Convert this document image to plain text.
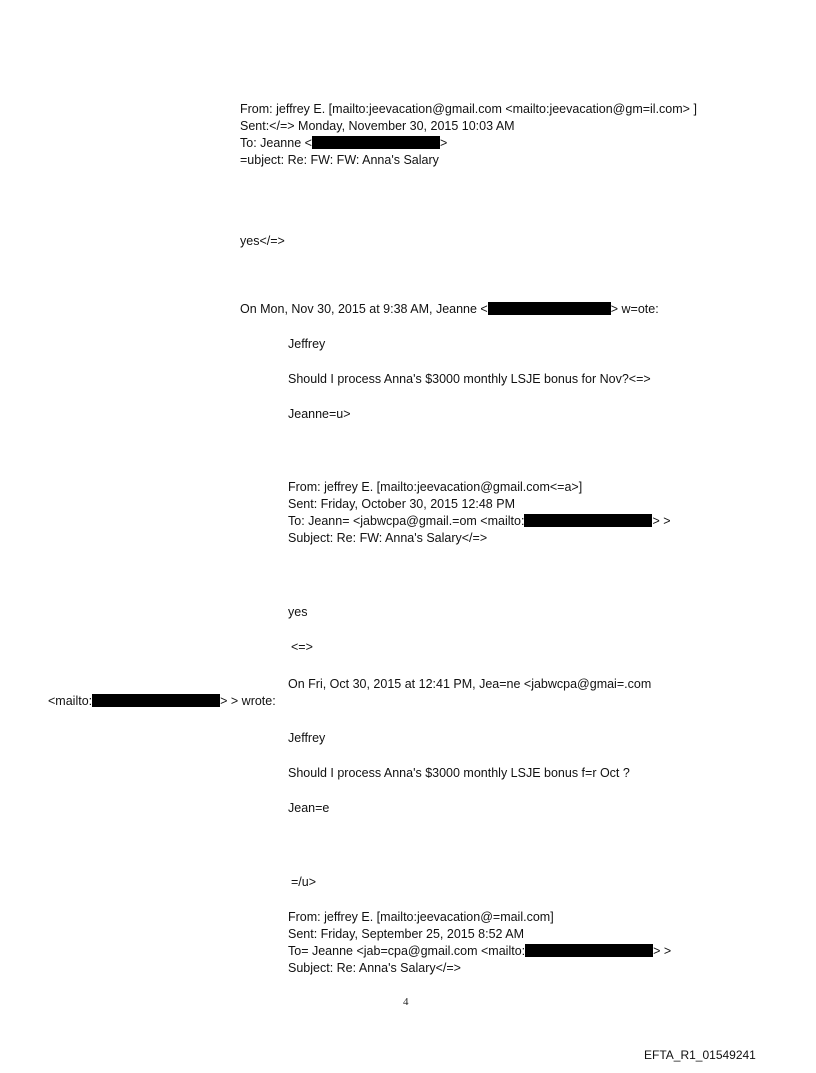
From: jeffrey E. [mailto:jeevacation@gmail.com <mailto:jeevacation@gm=il.com> ]

Sent:</=> Monday, November 30, 2015 10:03 AM

To: Jeanne <	>

=ubject: Re: FW: FW: Anna's Salary

yes</=>

On Mon, Nov 30, 2015 at 9:38 AM, Jeanne <	> w=ote:

Jeffrey

Should I process Anna's $3000 monthly LSJE bonus for Nov?<=>

Jeanne=u>

From: jeffrey E. [mailto:jeevacation@gmail.com<=a>]

Sent: Friday, October 30, 2015 12:48 PM

To: Jeann= <jabwcpa@gmail.=om <mailto:	> >

Subject: Re: FW: Anna's Salary</=>

yes

<=>

On Fri, Oct 30, 2015 at 12:41 PM, Jea=ne <jabwcpa@gmai=.com

<mailto:	> > wrote:

Jeffrey

Should I process Anna's $3000 monthly LSJE bonus f=r Oct ?

Jean=e

=/u>

From: jeffrey E. [mailto:jeevacation@=mail.com]

Sent: Friday, September 25, 2015 8:52 AM

To= Jeanne <jab=cpa@gmail.com <mailto:	> >

Subject: Re: Anna's Salary</=>

4
EFTA_R1_01549241
